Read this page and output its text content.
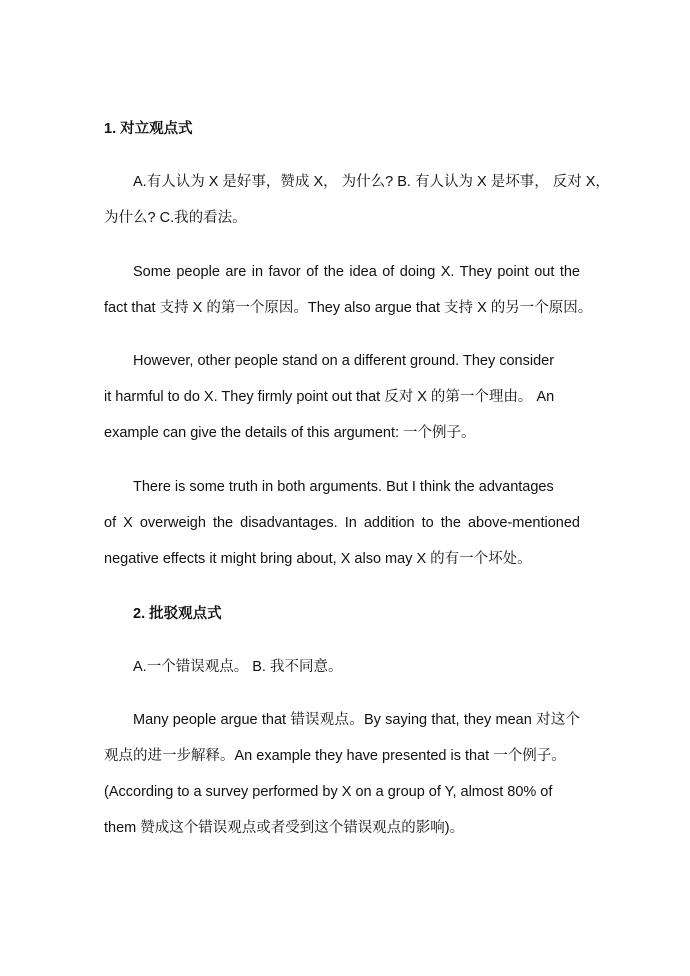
1. 对立观点式
A.有人认为 X 是好事，赞成 X， 为什么? B. 有人认为 X 是坏事， 反对 X，
为什么? C.我的看法。
Some people are in favor of the idea of doing X. They point out the
fact that 支持 X 的第一个原因。They also argue that 支持 X 的另一个原因。
However, other people stand on a different ground. They consider
it harmful to do X. They firmly point out that 反对 X 的第一个理由。 An
example can give the details of this argument: 一个例子。
There is some truth in both arguments. But I think the advantages
of X overweigh the disadvantages. In addition to the above-mentioned
negative effects it might bring about, X also may X 的有一个坏处。
2. 批驳观点式
A.一个错误观点。 B. 我不同意。
Many people argue that 错误观点。By saying that, they mean 对这个
观点的进一步解释。An example they have presented is that 一个例子。
(According to a survey performed by X on a group of Y, almost 80% of
them 赞成这个错误观点或者受到这个错误观点的影响)。
